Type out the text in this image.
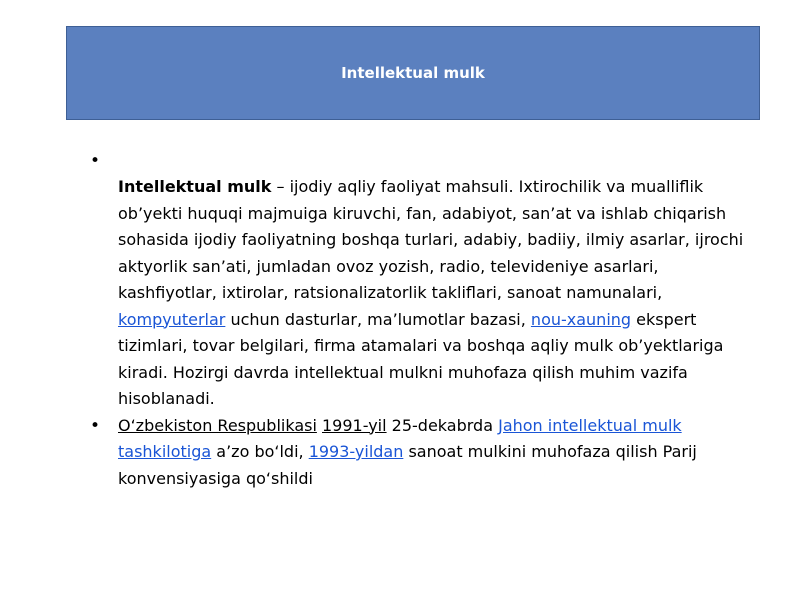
Intellektual mulk
•
Intellektual mulk – ijodiy aqliy faoliyat mahsuli. Ixtirochilik va mualliflik ob’yekti huquqi majmuiga kiruvchi, fan, adabiyot, san’at va ishlab chiqarish sohasida ijodiy faoliyatning boshqa turlari, adabiy, badiiy, ilmiy asarlar, ijrochi aktyorlik san’ati, jumladan ovoz yozish, radio, televideniye asarlari, kashfiyotlar, ixtirolar, ratsionalizatorlik takliflari, sanoat namunalari, kompyuterlar uchun dasturlar, ma’lumotlar bazasi, nou-xauning ekspert tizimlari, tovar belgilari, firma atamalari va boshqa aqliy mulk ob’yektlariga kiradi. Hozirgi davrda intellektual mulkni muhofaza qilish muhim vazifa hisoblanadi.
•	O‘zbekiston Respublikasi 1991-yil 25-dekabrda Jahon intellektual mulk tashkilotiga a’zo bo‘ldi, 1993-yildan sanoat mulkini muhofaza qilish Parij konvensiyasiga qo‘shildi
